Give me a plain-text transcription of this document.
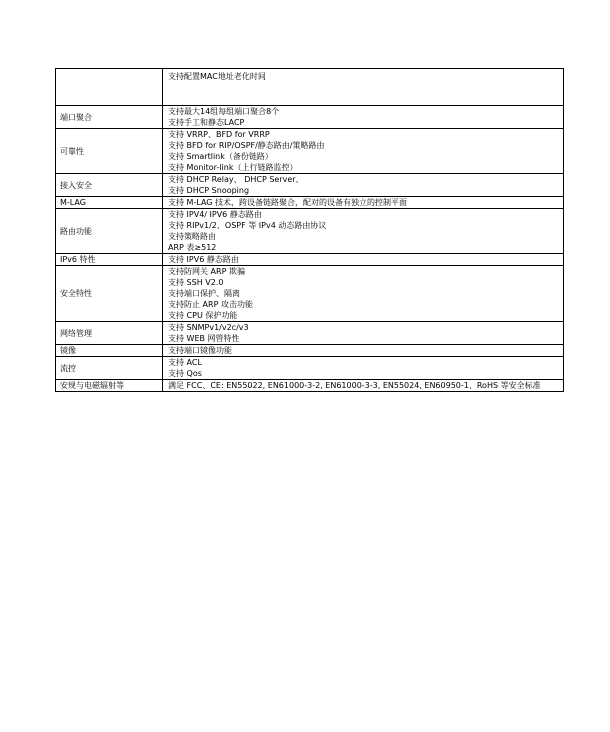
	支持配置MAC地址老化时间

端口聚合	支持最大14组每组端口聚合8个
支持手工和静态LACP

可靠性	支持 VRRP、BFD for VRRP
支持 BFD for RIP/OSPF/静态路由/策略路由
支持 Smartlink（备份链路）
支持 Monitor-link（上行链路监控）

接入安全	支持 DHCP Relay、 DHCP Server、
支持 DHCP Snooping

M-LAG	支持 M-LAG 技术，跨设备链路聚合，配对的设备有独立的控制平面

路由功能	支持 IPV4/ IPV6 静态路由
支持 RIPv1/2、OSPF 等 IPv4 动态路由协议
支持策略路由
ARP 表≥512

IPv6 特性	支持 IPV6 静态路由

安全特性	支持防网关 ARP 欺骗
支持 SSH V2.0
支持端口保护、隔离
支持防止 ARP 攻击功能
支持 CPU 保护功能

网络管理	支持 SNMPv1/v2c/v3
支持 WEB 网管特性

镜像	支持端口镜像功能

流控	支持 ACL
支持 Qos

安规与电磁辐射等	满足 FCC、CE: EN55022, EN61000-3-2, EN61000-3-3, EN55024, EN60950-1、RoHS 等安全标准
